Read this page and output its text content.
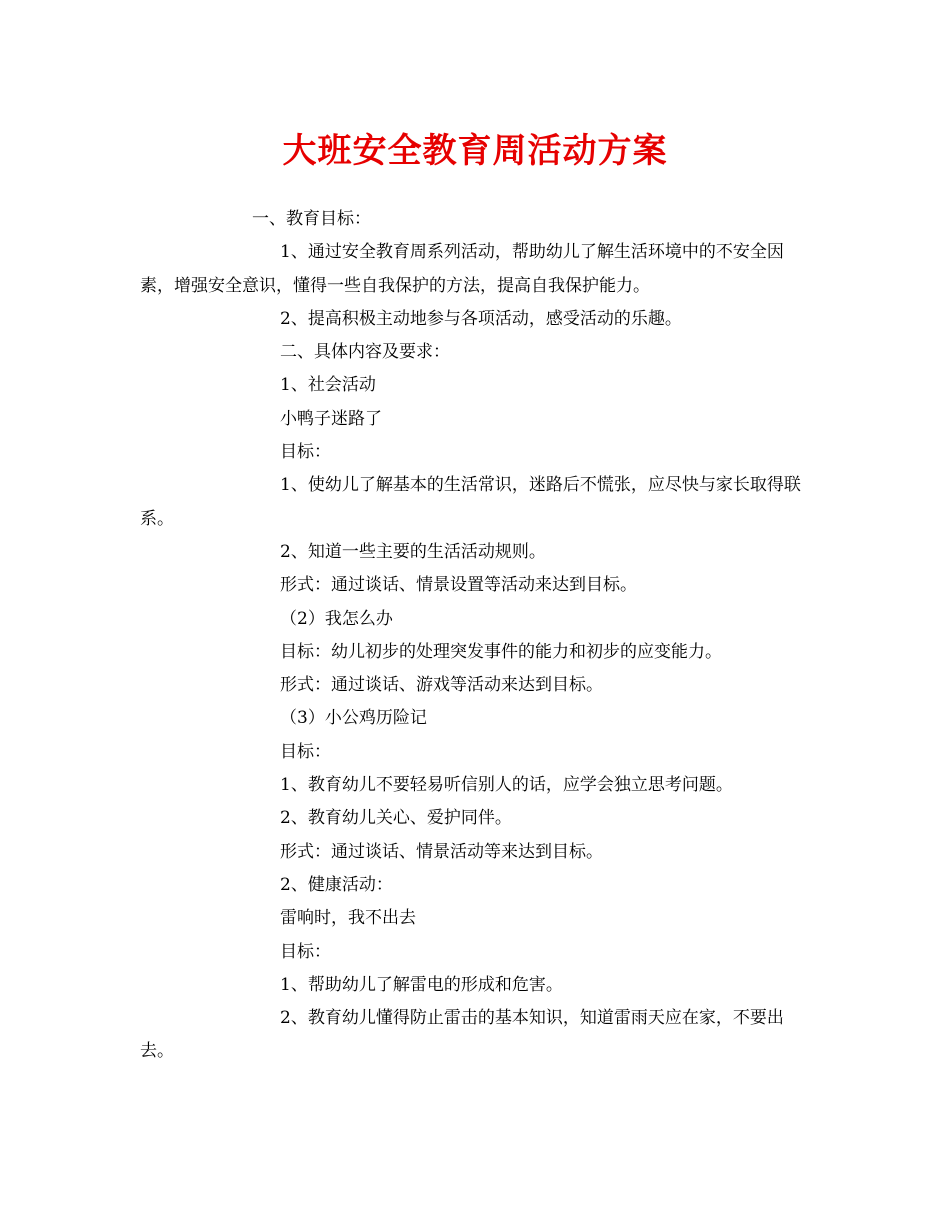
大班安全教育周活动方案

一、教育目标：

1、通过安全教育周系列活动，帮助幼儿了解生活环境中的不安全因素，增强安全意识，懂得一些自我保护的方法，提高自我保护能力。

2、提高积极主动地参与各项活动，感受活动的乐趣。

二、具体内容及要求：

1、社会活动

小鸭子迷路了

目标：

1、使幼儿了解基本的生活常识，迷路后不慌张，应尽快与家长取得联系。

2、知道一些主要的生活活动规则。

形式：通过谈话、情景设置等活动来达到目标。

（2）我怎么办

目标：幼儿初步的处理突发事件的能力和初步的应变能力。

形式：通过谈话、游戏等活动来达到目标。

（3）小公鸡历险记

目标：

1、教育幼儿不要轻易听信别人的话，应学会独立思考问题。

2、教育幼儿关心、爱护同伴。

形式：通过谈话、情景活动等来达到目标。

2、健康活动：

雷响时，我不出去

目标：

1、帮助幼儿了解雷电的形成和危害。

2、教育幼儿懂得防止雷击的基本知识，知道雷雨天应在家，不要出去。
